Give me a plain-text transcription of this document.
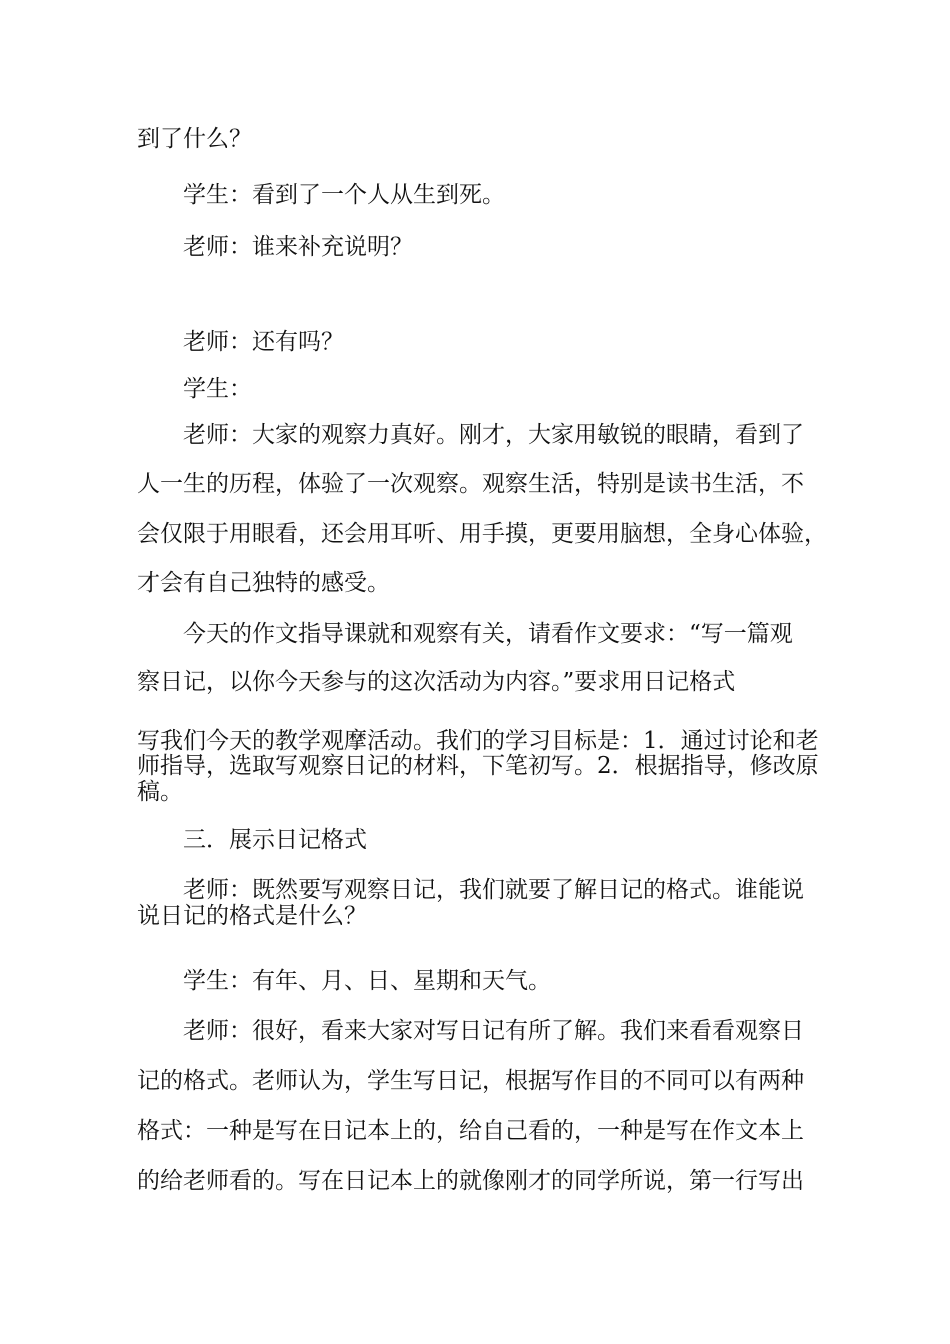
到了什么？
学生：看到了一个人从生到死。
老师：谁来补充说明？
老师：还有吗？
学生：
老师：大家的观察力真好。刚才，大家用敏锐的眼睛，看到了
人一生的历程，体验了一次观察。观察生活，特别是读书生活，不
会仅限于用眼看，还会用耳听、用手摸，更要用脑想，全身心体验，
才会有自己独特的感受。
今天的作文指导课就和观察有关，请看作文要求：“写一篇观
察日记，以你今天参与的这次活动为内容。”要求用日记格式
写我们今天的教学观摩活动。我们的学习目标是：1．通过讨论和老
师指导，选取写观察日记的材料，下笔初写。2．根据指导，修改原
稿。
三．展示日记格式
老师：既然要写观察日记，我们就要了解日记的格式。谁能说
说日记的格式是什么？
学生：有年、月、日、星期和天气。
老师：很好，看来大家对写日记有所了解。我们来看看观察日
记的格式。老师认为，学生写日记，根据写作目的不同可以有两种
格式：一种是写在日记本上的，给自己看的，一种是写在作文本上
的给老师看的。写在日记本上的就像刚才的同学所说，第一行写出
